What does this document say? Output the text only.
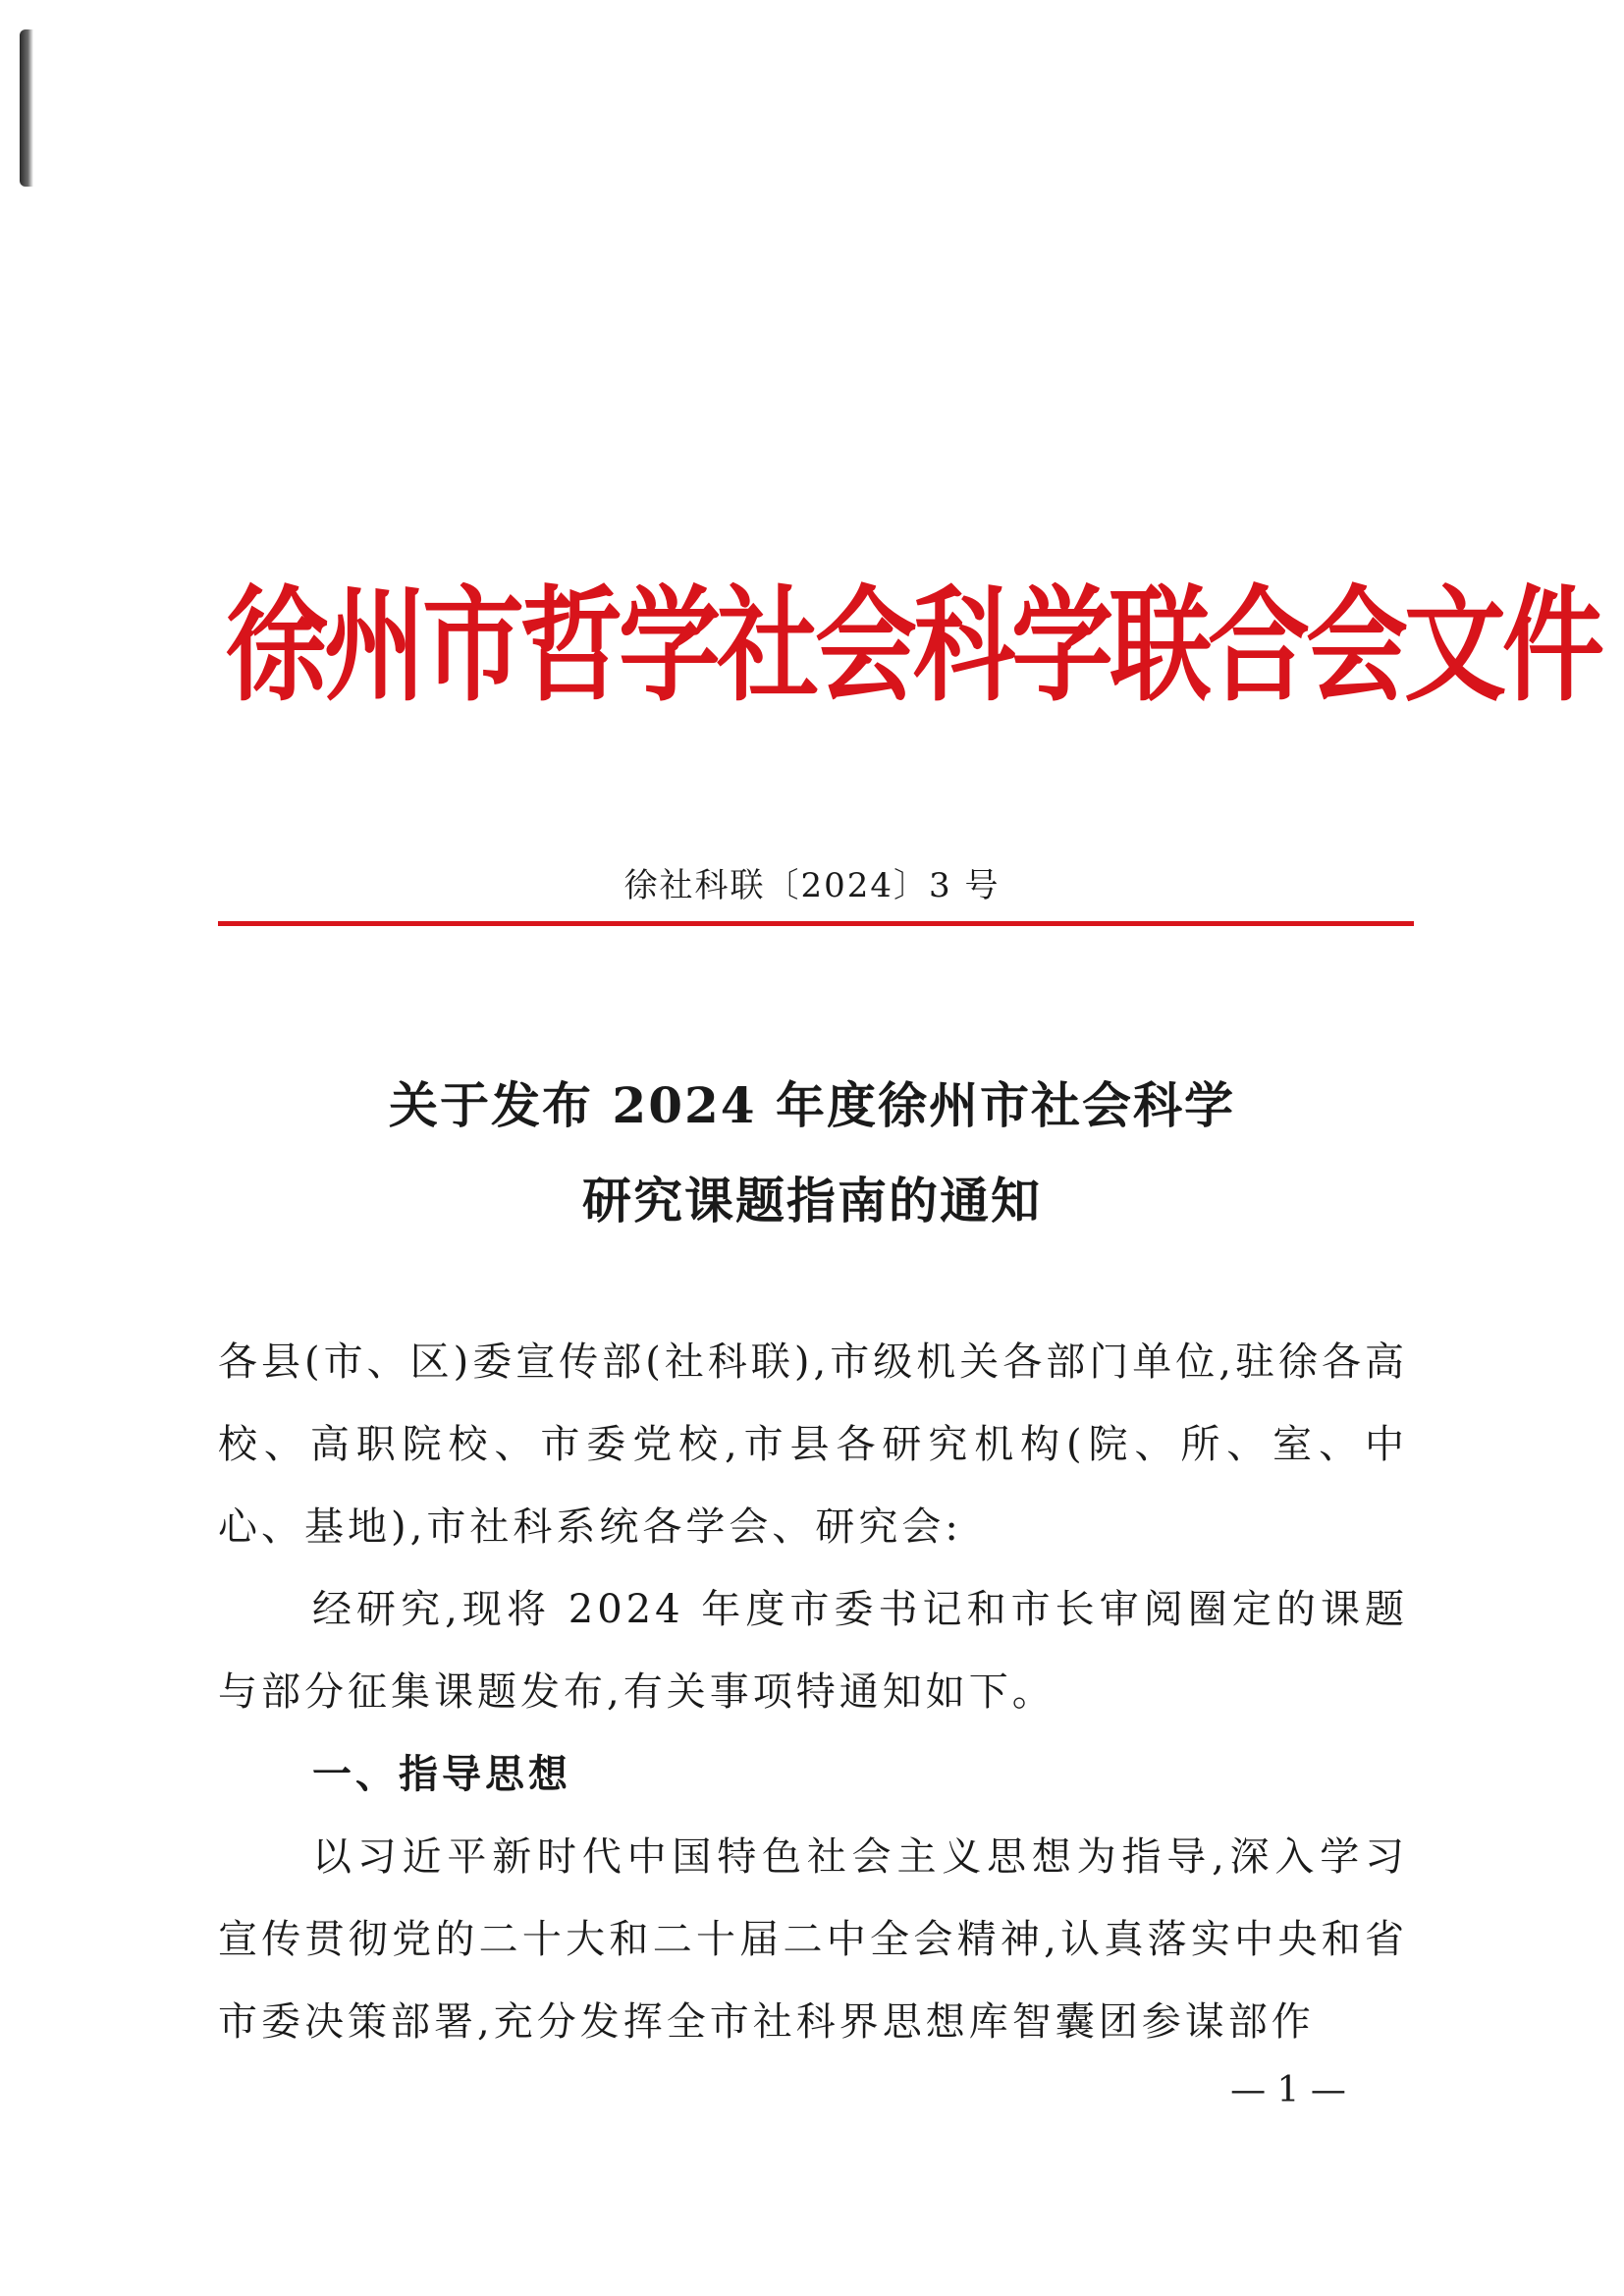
徐州市哲学社会科学联合会文件
徐社科联〔2024〕3 号
关于发布 2024 年度徐州市社会科学
研究课题指南的通知

各县(市、区)委宣传部(社科联),市级机关各部门单位,驻徐各高校、高职院校、市委党校,市县各研究机构(院、所、室、中心、基地),市社科系统各学会、研究会:

经研究,现将 2024 年度市委书记和市长审阅圈定的课题与部分征集课题发布,有关事项特通知如下。

一、指导思想

以习近平新时代中国特色社会主义思想为指导,深入学习宣传贯彻党的二十大和二十届二中全会精神,认真落实中央和省市委决策部署,充分发挥全市社科界思想库智囊团参谋部作

— 1 —
